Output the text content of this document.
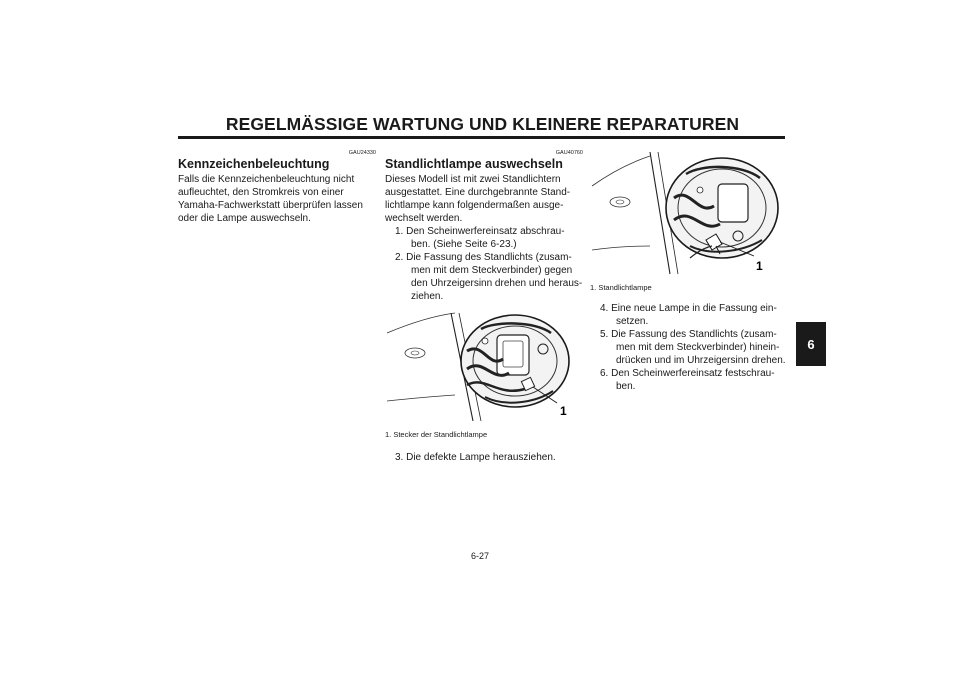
REGELMÄSSIGE WARTUNG UND KLEINERE REPARATUREN
6
GAU24330
Kennzeichenbeleuchtung

Falls die Kennzeichenbeleuchtung nicht aufleuchtet, den Stromkreis von einer Yamaha-Fachwerkstatt überprüfen lassen oder die Lampe auswechseln.

GAU40760
Standlichtlampe auswechseln

Dieses Modell ist mit zwei Standlichtern ausgestattet. Eine durchgebrannte Stand- lichtlampe kann folgendermaßen ausge- wechselt werden.

1. Den Scheinwerfereinsatz abschrau- ben. (Siehe Seite 6-23.)
2. Die Fassung des Standlichts (zusam- men mit dem Steckverbinder) gegen den Uhrzeigersinn drehen und heraus- ziehen.
1
1. Stecker der Standlichtlampe
3. Die defekte Lampe herausziehen.
1
1. Standlichtlampe
4. Eine neue Lampe in die Fassung ein- setzen.
5. Die Fassung des Standlichts (zusam- men mit dem Steckverbinder) hinein- drücken und im Uhrzeigersinn drehen.
6. Den Scheinwerfereinsatz festschrau- ben.
6-27
